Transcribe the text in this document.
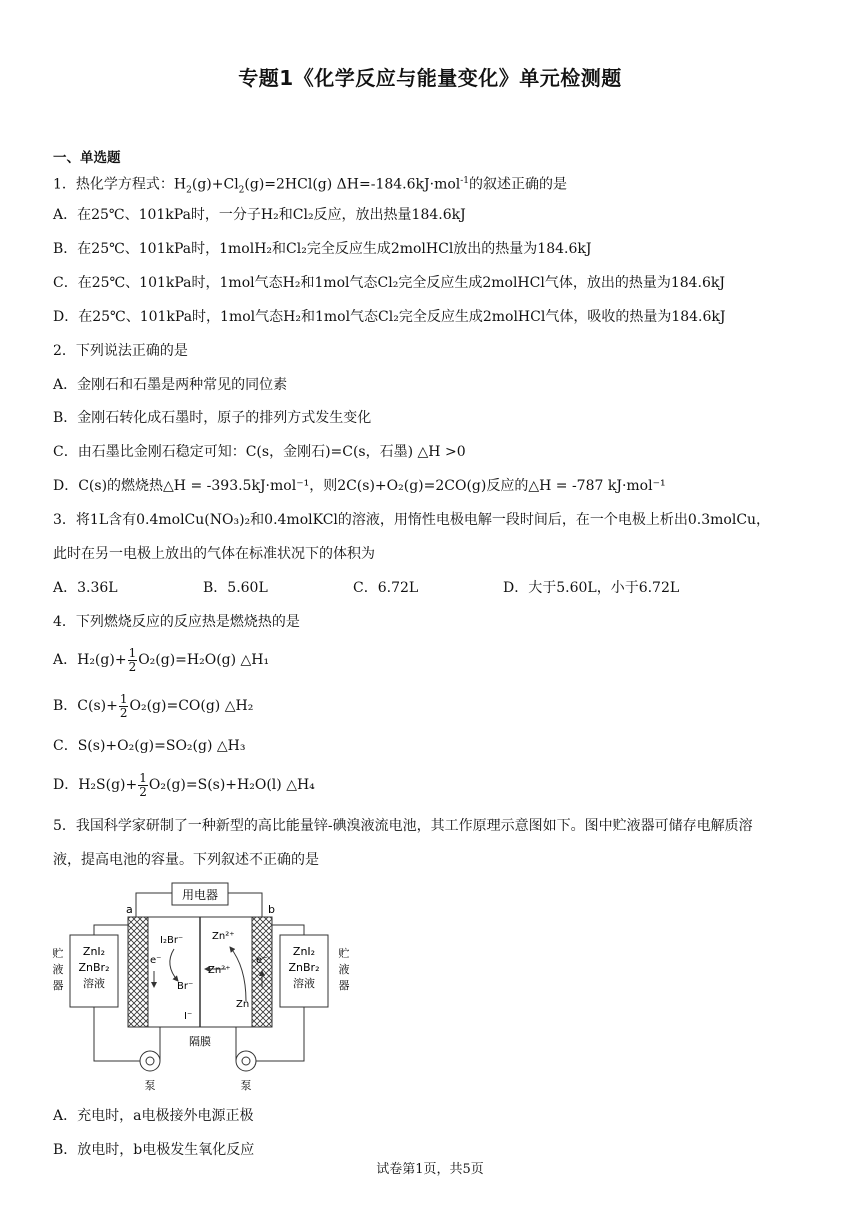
专题1《化学反应与能量变化》单元检测题
一、单选题
1．热化学方程式：$H_2(g)+Cl_2(g)=2HCl(g)$ ΔH=-184.6kJ·mol$^{-1}$的叙述正确的是
A．在25℃、101kPa时，一分子H₂和Cl₂反应，放出热量184.6kJ
B．在25℃、101kPa时，1molH₂和Cl₂完全反应生成2molHCl放出的热量为184.6kJ
C．在25℃、101kPa时，1mol气态H₂和1mol气态Cl₂完全反应生成2molHCl气体，放出的热量为184.6kJ
D．在25℃、101kPa时，1mol气态H₂和1mol气态Cl₂完全反应生成2molHCl气体，吸收的热量为184.6kJ
2．下列说法正确的是
A．金刚石和石墨是两种常见的同位素
B．金刚石转化成石墨时，原子的排列方式发生变化
C．由石墨比金刚石稳定可知：C(s，金刚石)=C(s，石墨) △H >0
D．C(s)的燃烧热△H = -393.5kJ·mol⁻¹，则2C(s)+O₂(g)=2CO(g)反应的△H = -787 kJ·mol⁻¹
3．将1L含有0.4molCu(NO₃)₂和0.4molKCl的溶液，用惰性电极电解一段时间后，在一个电极上析出0.3molCu，
此时在另一电极上放出的气体在标准状况下的体积为
A．3.36L	B．5.60L	C．6.72L	D．大于5.60L，小于6.72L
4．下列燃烧反应的反应热是燃烧热的是
A．$H_2(g)+ \frac{1}{2} O_2(g)=H_2O(g)$ △H₁
B．$C(s)+ \frac{1}{2} O_2(g)=CO(g)$ △H₂
C．S(s)+O₂(g)=SO₂(g) △H₃
D．$H_2S(g)+ \frac{1}{2} O_2(g)=S(s)+H_2O(l)$ △H₄
5．我国科学家研制了一种新型的高比能量锌-碘溴液流电池，其工作原理示意图如下。图中贮液器可储存电解质溶
液，提高电池的容量。下列叙述不正确的是
用电器
a	b
ZnI₂
ZnBr₂
溶液
贮
液
器
ZnI₂
ZnBr₂
溶液
贮
液
器
I₂Br⁻
Br⁻
I⁻
Zn²⁺
Zn²⁺
Zn
e⁻	e⁻
隔膜
泵	泵
A．充电时，a电极接外电源正极
B．放电时，b电极发生氧化反应
试卷第1页，共5页
